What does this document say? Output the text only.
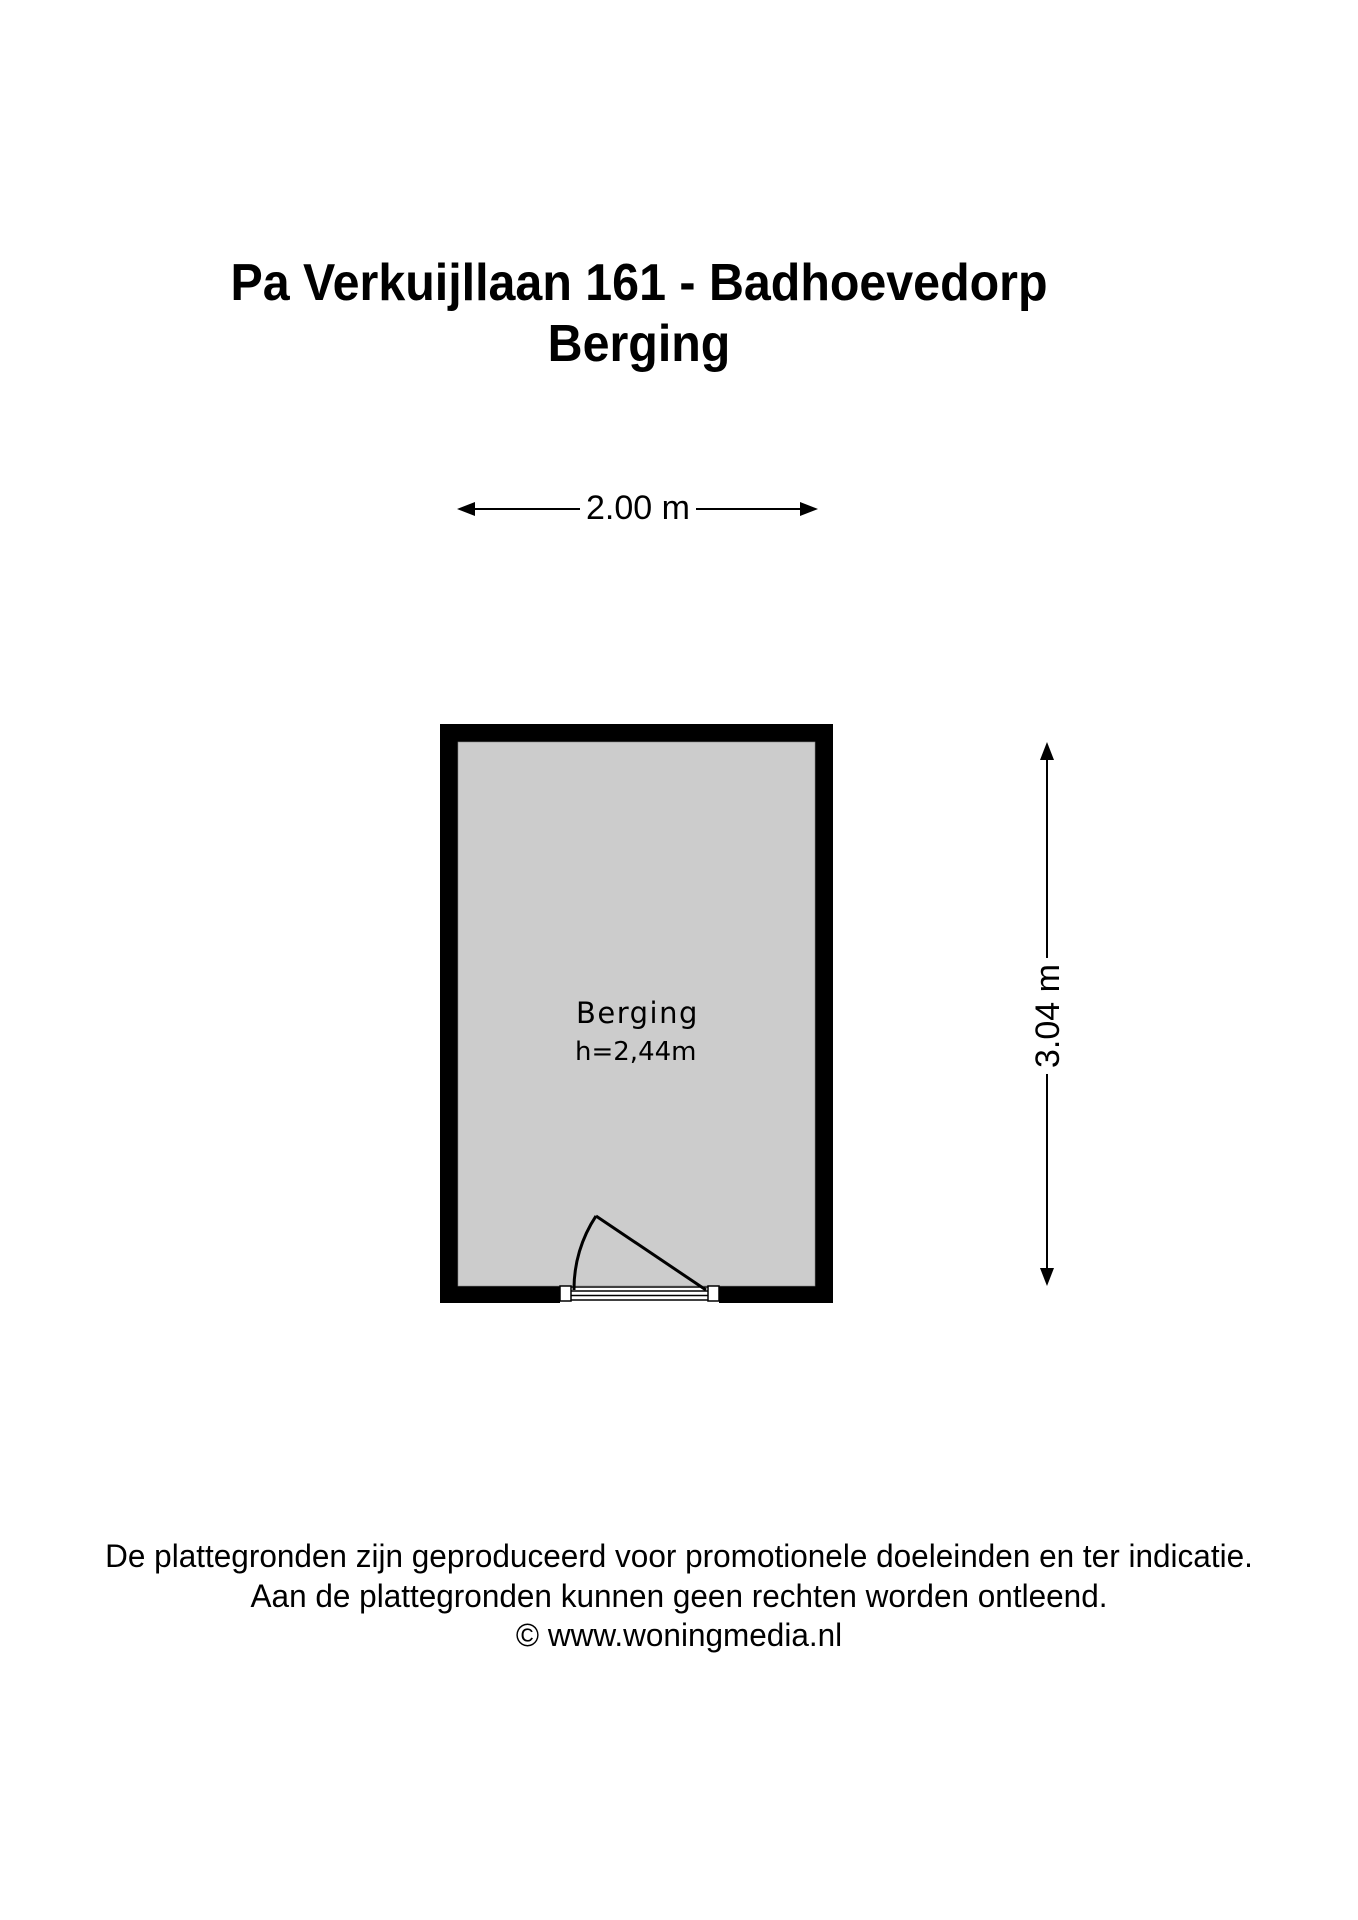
Pa Verkuijllaan 161 - Badhoevedorp
Berging
2.00 m
3.04 m
Berging
h=2,44m
De plattegronden zijn geproduceerd voor promotionele doeleinden en ter indicatie.
Aan de plattegronden kunnen geen rechten worden ontleend.
© www.woningmedia.nl
